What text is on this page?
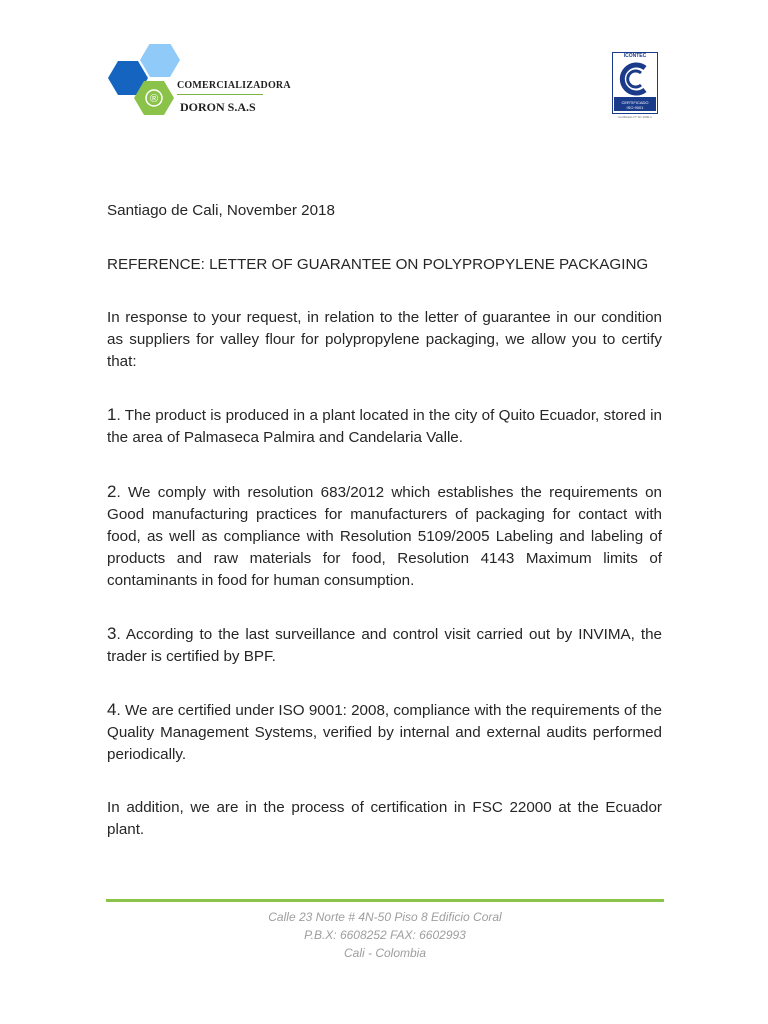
®
COMERCIALIZADORA
DORON S.A.S
ICONTEC
CERTIFICADO
ISO 9001
Certificado N° SC 1000-1
Santiago de Cali, November 2018
REFERENCE: LETTER OF GUARANTEE ON POLYPROPYLENE PACKAGING
In response to your request, in relation to the letter of guarantee in our condition as suppliers for valley flour for polypropylene packaging, we allow you to certify that:
1. The product is produced in a plant located in the city of Quito Ecuador, stored in the area of Palmaseca Palmira and Candelaria Valle.
2. We comply with resolution 683/2012 which establishes the requirements on Good manufacturing practices for manufacturers of packaging for contact with food, as well as compliance with Resolution 5109/2005 Labeling and labeling of products and raw materials for food, Resolution 4143 Maximum limits of contaminants in food for human consumption.
3. According to the last surveillance and control visit carried out by INVIMA, the trader is certified by BPF.
4. We are certified under ISO 9001: 2008, compliance with the requirements of the Quality Management Systems, verified by internal and external audits performed periodically.
In addition, we are in the process of certification in FSC 22000 at the Ecuador plant.
Calle 23 Norte # 4N-50 Piso 8 Edificio Coral
P.B.X: 6608252 FAX: 6602993
Cali - Colombia
